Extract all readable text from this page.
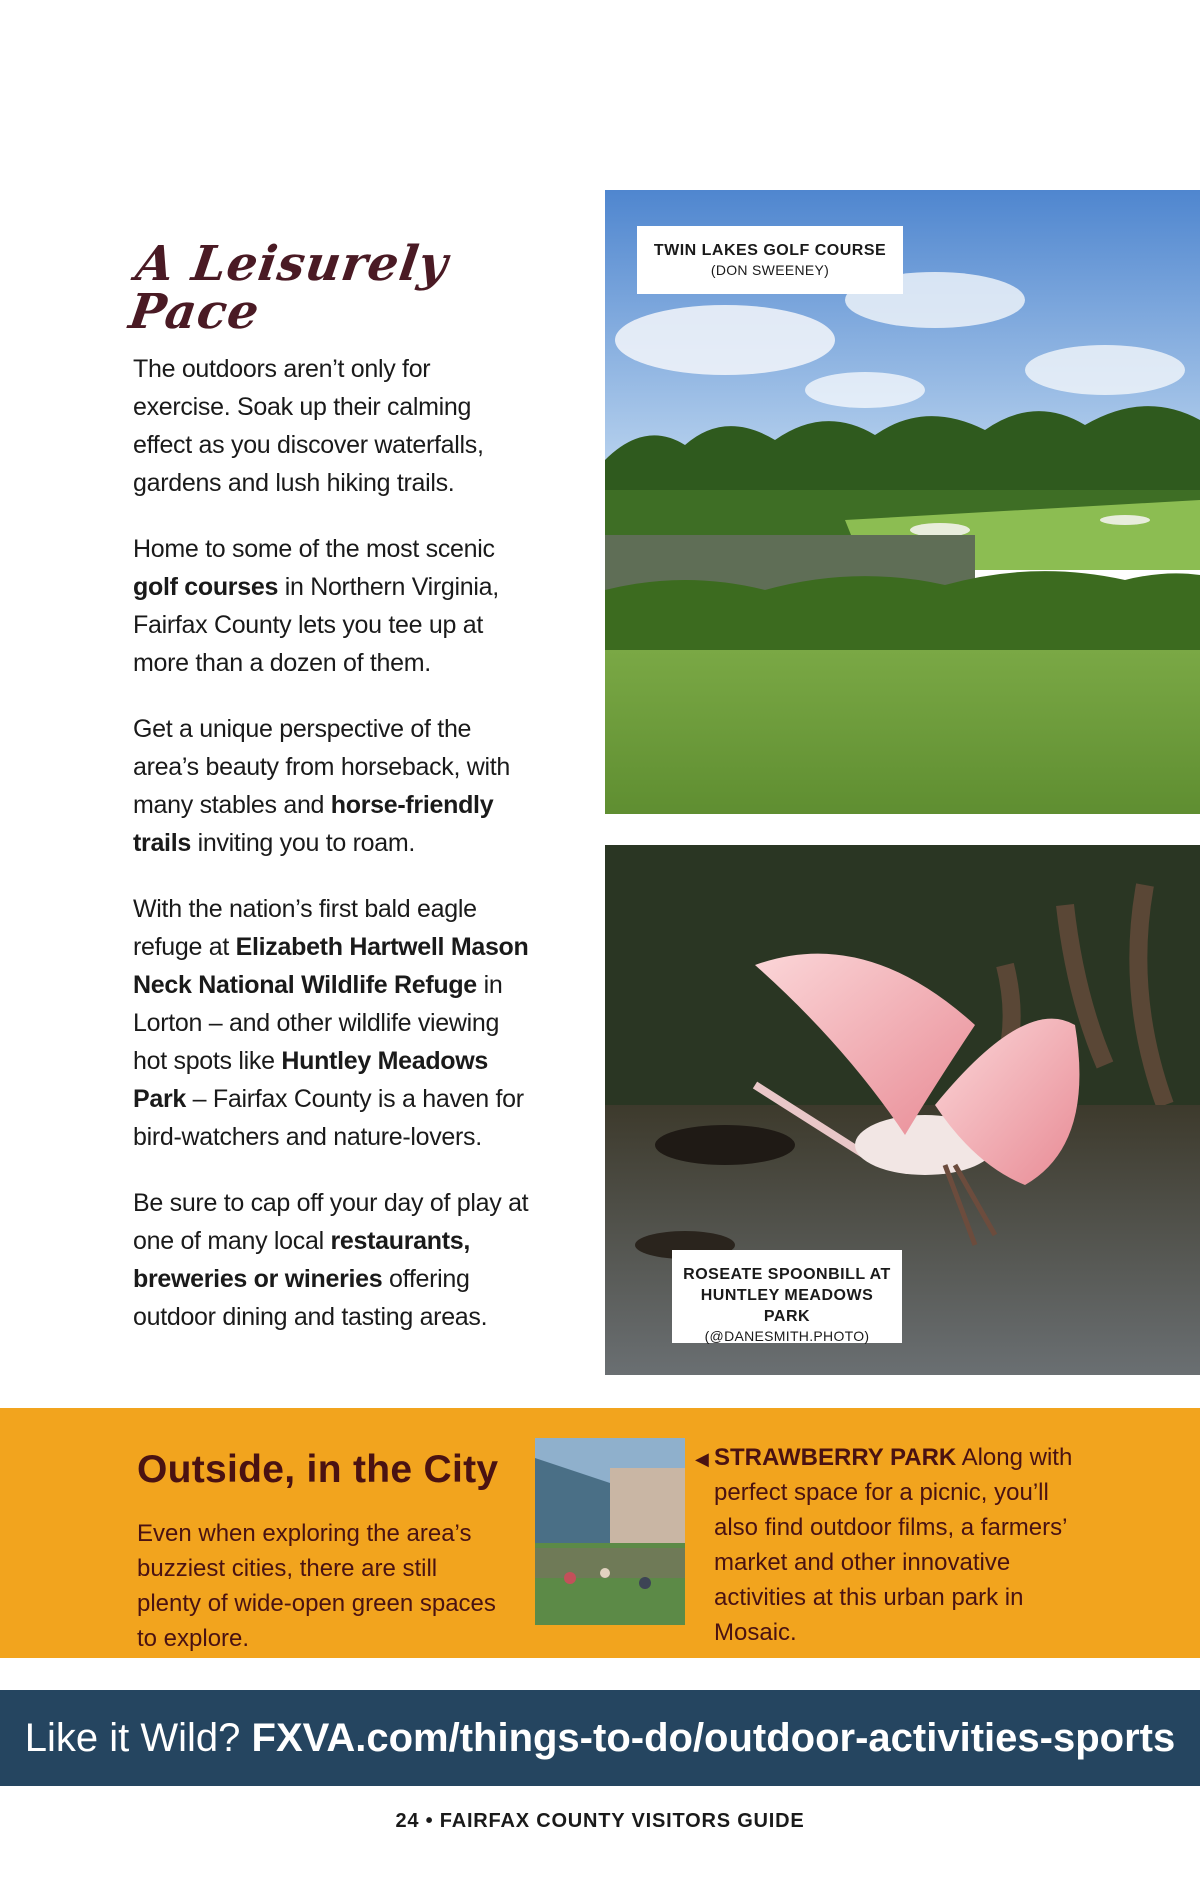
A Leisurely Pace

The outdoors aren’t only for exercise. Soak up their calming effect as you discover waterfalls, gardens and lush hiking trails.

Home to some of the most scenic golf courses in Northern Virginia, Fairfax County lets you tee up at more than a dozen of them.

Get a unique perspective of the area’s beauty from horseback, with many stables and horse-friendly trails inviting you to roam.

With the nation’s first bald eagle refuge at Elizabeth Hartwell Mason Neck National Wildlife Refuge in Lorton – and other wildlife viewing hot spots like Huntley Meadows Park – Fairfax County is a haven for bird-watchers and nature-lovers.

Be sure to cap off your day of play at one of many local restaurants, breweries or wineries offering outdoor dining and tasting areas.

TWIN LAKES GOLF COURSE
(DON SWEENEY)
ROSEATE SPOONBILL AT HUNTLEY MEADOWS PARK
(@DANESMITH.PHOTO)
Outside, in the City

Even when exploring the area’s buzziest cities, there are still plenty of wide-open green spaces to explore.

◀ STRAWBERRY PARK Along with perfect space for a picnic, you’ll also find outdoor films, a farmers’ market and other innovative activities at this urban park in Mosaic.

Like it Wild? FXVA.com/things-to-do/outdoor-activities-sports
24 • FAIRFAX COUNTY VISITORS GUIDE
